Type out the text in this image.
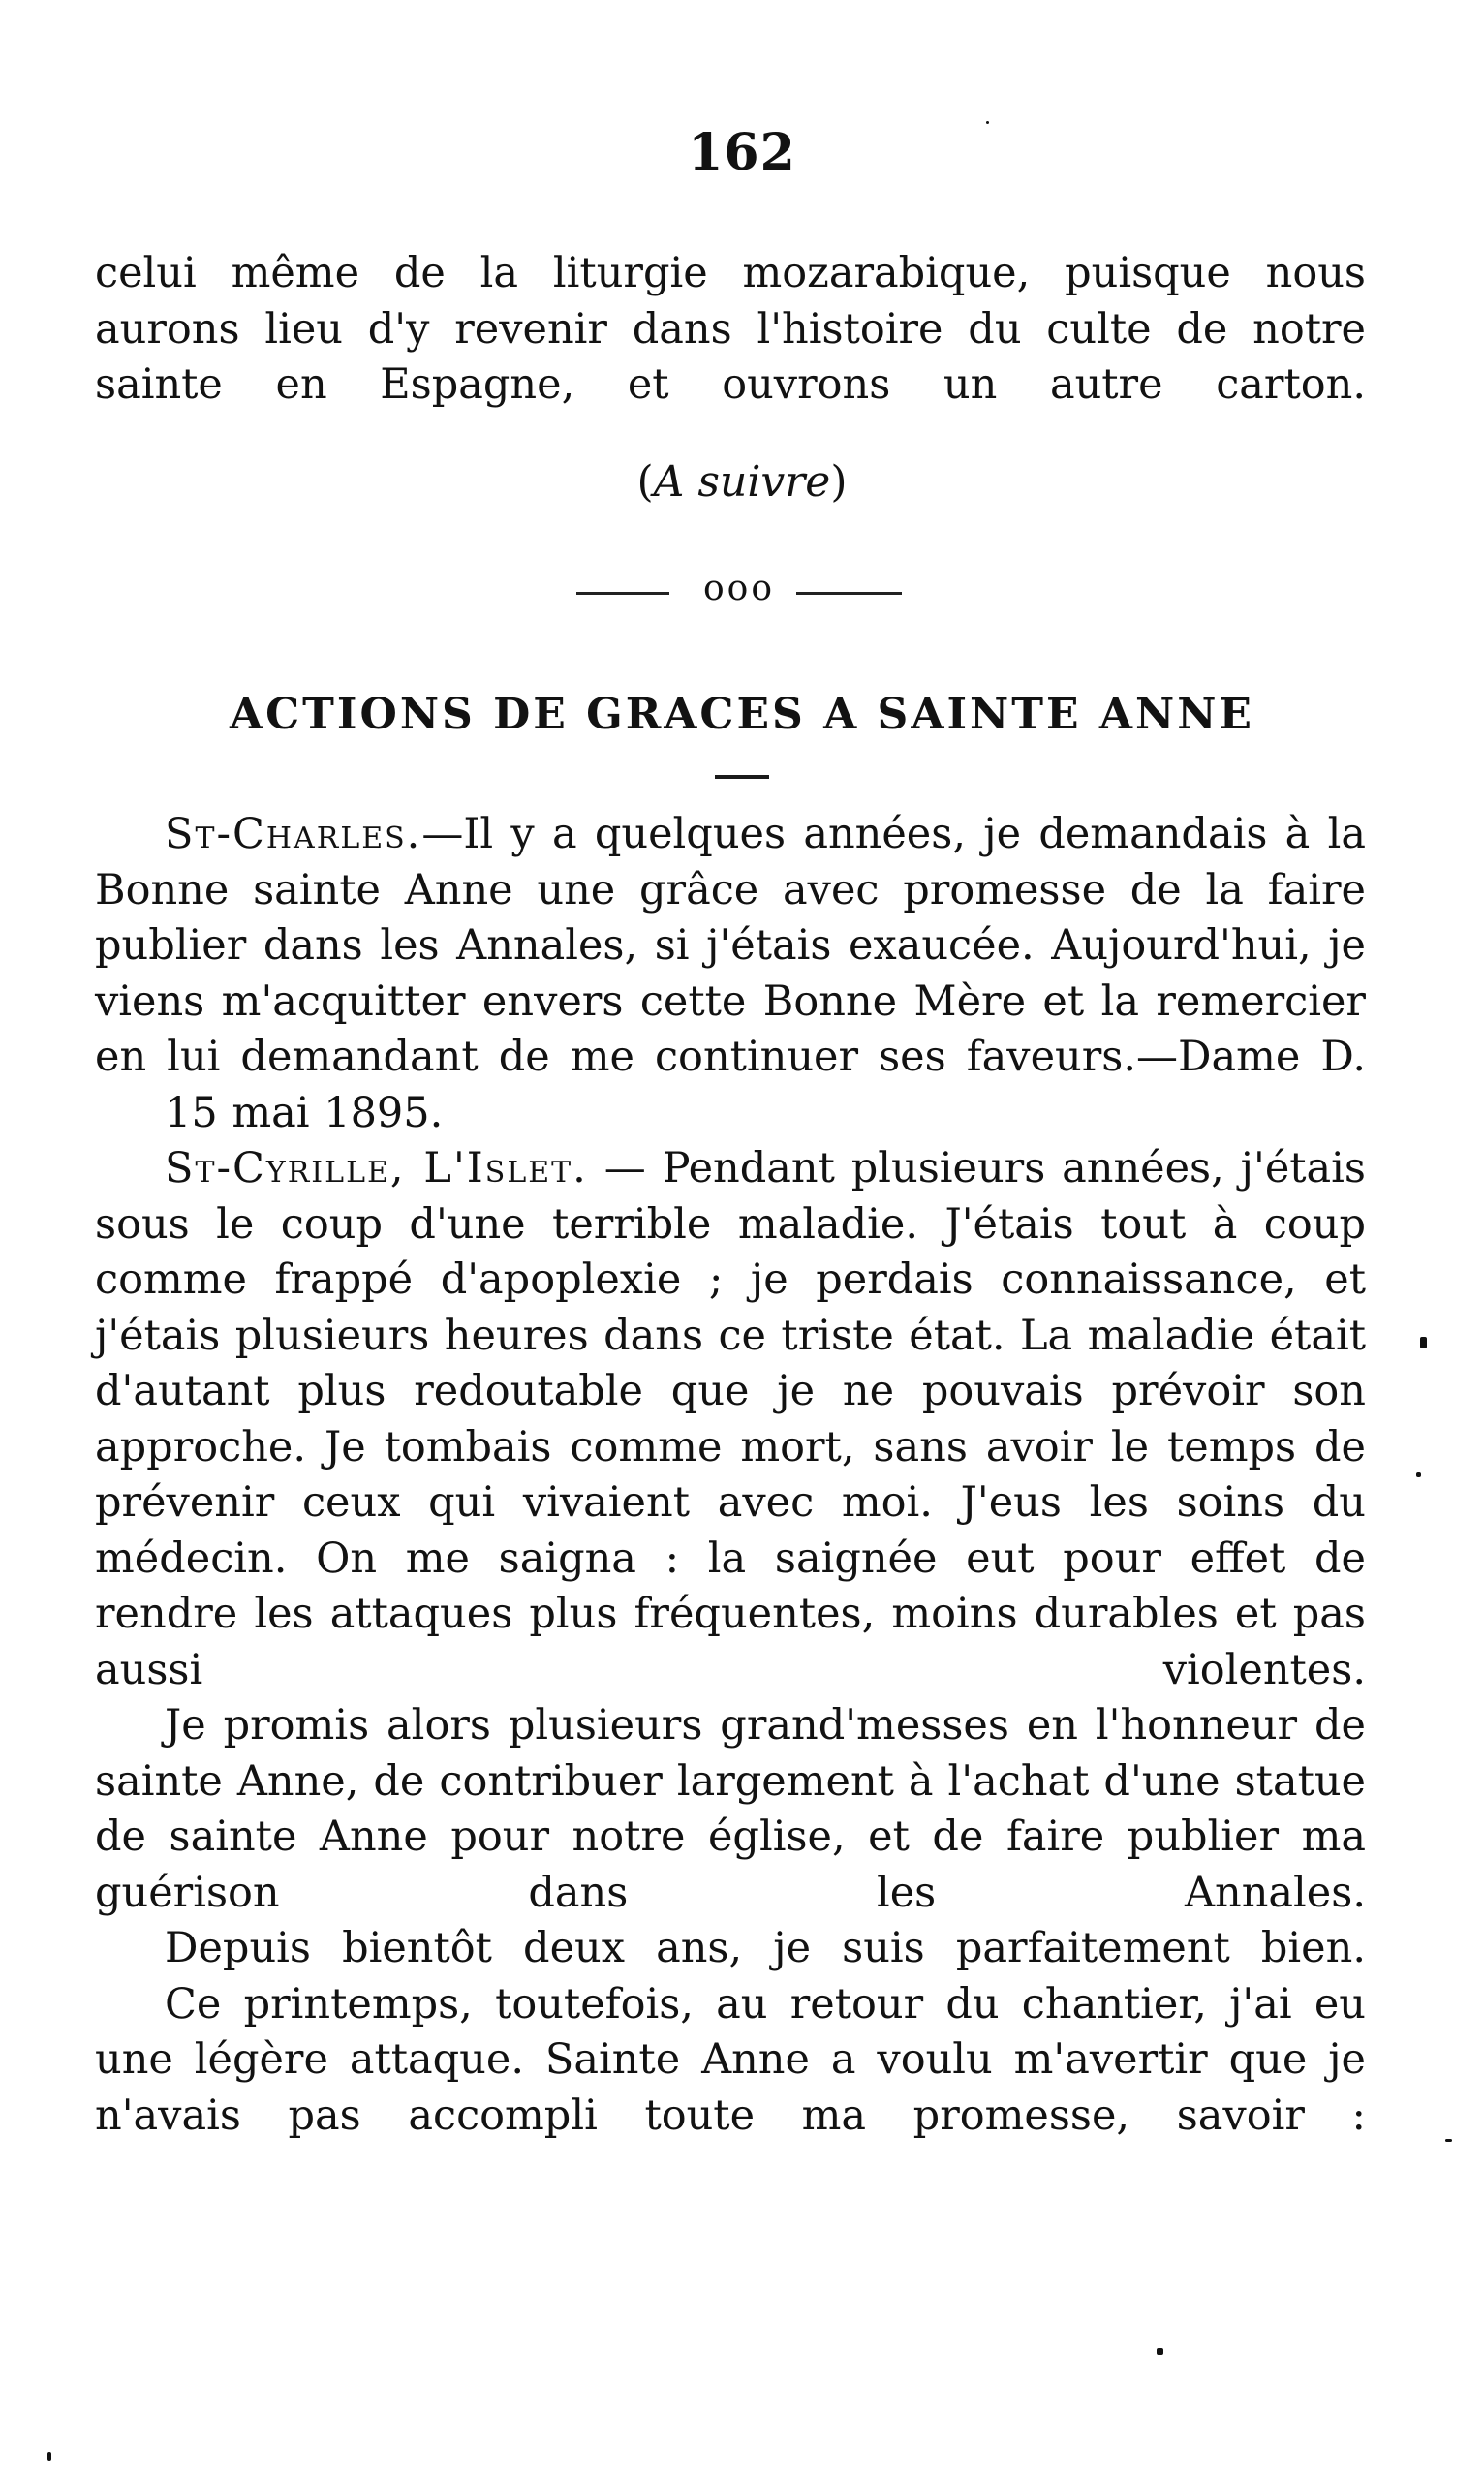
162

celui même de la liturgie mozarabique, puisque nous aurons lieu d'y revenir dans l'histoire du culte de notre sainte en Espagne, et ouvrons un autre carton.

(A suivre)
ooo
ACTIONS DE GRACES A SAINTE ANNE

St-Charles.—Il y a quelques années, je demandais à la Bonne sainte Anne une grâce avec promesse de la faire publier dans les Annales, si j'étais exaucée. Aujourd'hui, je viens m'acquitter envers cette Bonne Mère et la remercier en lui demandant de me continuer ses faveurs.—Dame D.

15 mai 1895.

St-Cyrille, L'Islet. — Pendant plusieurs années, j'étais sous le coup d'une terrible maladie. J'étais tout à coup comme frappé d'apoplexie ; je perdais connaissance, et j'étais plusieurs heures dans ce triste état. La maladie était d'autant plus redoutable que je ne pouvais prévoir son approche. Je tombais comme mort, sans avoir le temps de prévenir ceux qui vivaient avec moi. J'eus les soins du médecin. On me saigna : la saignée eut pour effet de rendre les attaques plus fréquentes, moins durables et pas aussi violentes.

Je promis alors plusieurs grand'messes en l'honneur de sainte Anne, de contribuer largement à l'achat d'une statue de sainte Anne pour notre église, et de faire publier ma guérison dans les Annales.

Depuis bientôt deux ans, je suis parfaitement bien.

Ce printemps, toutefois, au retour du chantier, j'ai eu une légère attaque. Sainte Anne a voulu m'avertir que je n'avais pas accompli toute ma promesse, savoir :
